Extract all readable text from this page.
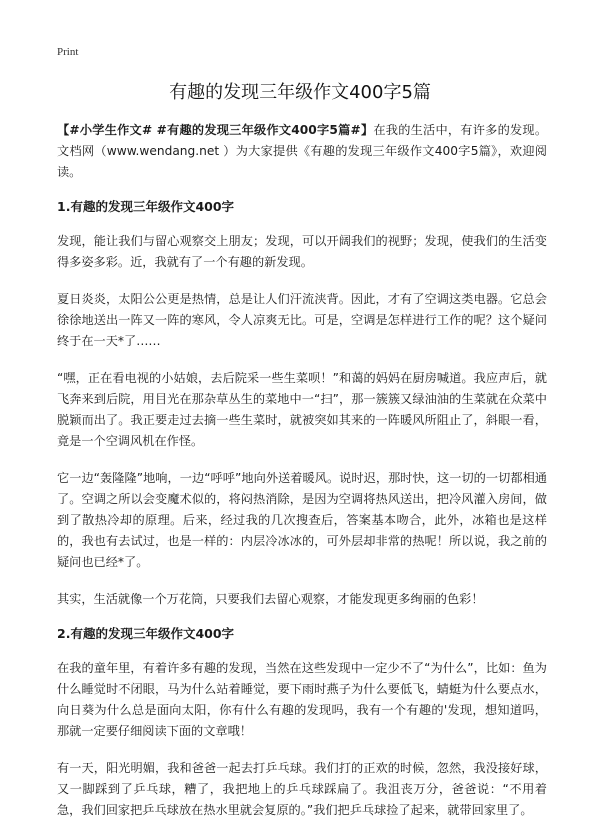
Print
有趣的发现三年级作文400字5篇

【#小学生作文# #有趣的发现三年级作文400字5篇#】在我的生活中，有许多的发现。文档网（www.wendang.net ）为大家提供《有趣的发现三年级作文400字5篇》，欢迎阅读。

1.有趣的发现三年级作文400字

发现，能让我们与留心观察交上朋友；发现，可以开阔我们的视野；发现，使我们的生活变得多姿多彩。近，我就有了一个有趣的新发现。

夏日炎炎，太阳公公更是热情，总是让人们汗流浃背。因此，才有了空调这类电器。它总会徐徐地送出一阵又一阵的寒风，令人凉爽无比。可是，空调是怎样进行工作的呢？这个疑问终于在一天*了……

“嘿，正在看电视的小姑娘，去后院采一些生菜呗！”和蔼的妈妈在厨房喊道。我应声后，就飞奔来到后院，用目光在那杂草丛生的菜地中一“扫”，那一簇簇又绿油油的生菜就在众菜中脱颖而出了。我正要走过去摘一些生菜时，就被突如其来的一阵暖风所阻止了，斜眼一看，竟是一个空调风机在作怪。

它一边“轰隆隆”地响，一边“呼呼”地向外送着暖风。说时迟，那时快，这一切的一切都相通了。空调之所以会变魔术似的，将闷热消除，是因为空调将热风送出，把冷风灌入房间，做到了散热冷却的原理。后来，经过我的几次搜查后，答案基本吻合，此外，冰箱也是这样的，我也有去试过，也是一样的：内层冷冰冰的，可外层却非常的热呢！所以说，我之前的疑问也已经*了。

其实，生活就像一个万花筒，只要我们去留心观察，才能发现更多绚丽的色彩！

2.有趣的发现三年级作文400字

在我的童年里，有着许多有趣的发现，当然在这些发现中一定少不了“为什么”，比如：鱼为什么睡觉时不闭眼，马为什么站着睡觉，要下雨时燕子为什么要低飞，蜻蜓为什么要点水，向日葵为什么总是面向太阳，你有什么有趣的发现吗，我有一个有趣的'发现，想知道吗，那就一定要仔细阅读下面的文章哦！

有一天，阳光明媚，我和爸爸一起去打乒乓球。我们打的正欢的时候，忽然，我没接好球，又一脚踩到了乒乓球，糟了，我把地上的乒乓球踩扁了。我沮丧万分，爸爸说：“不用着急，我们回家把乒乓球放在热水里就会复原的。”我们把乒乓球捡了起来，就带回家里了。
